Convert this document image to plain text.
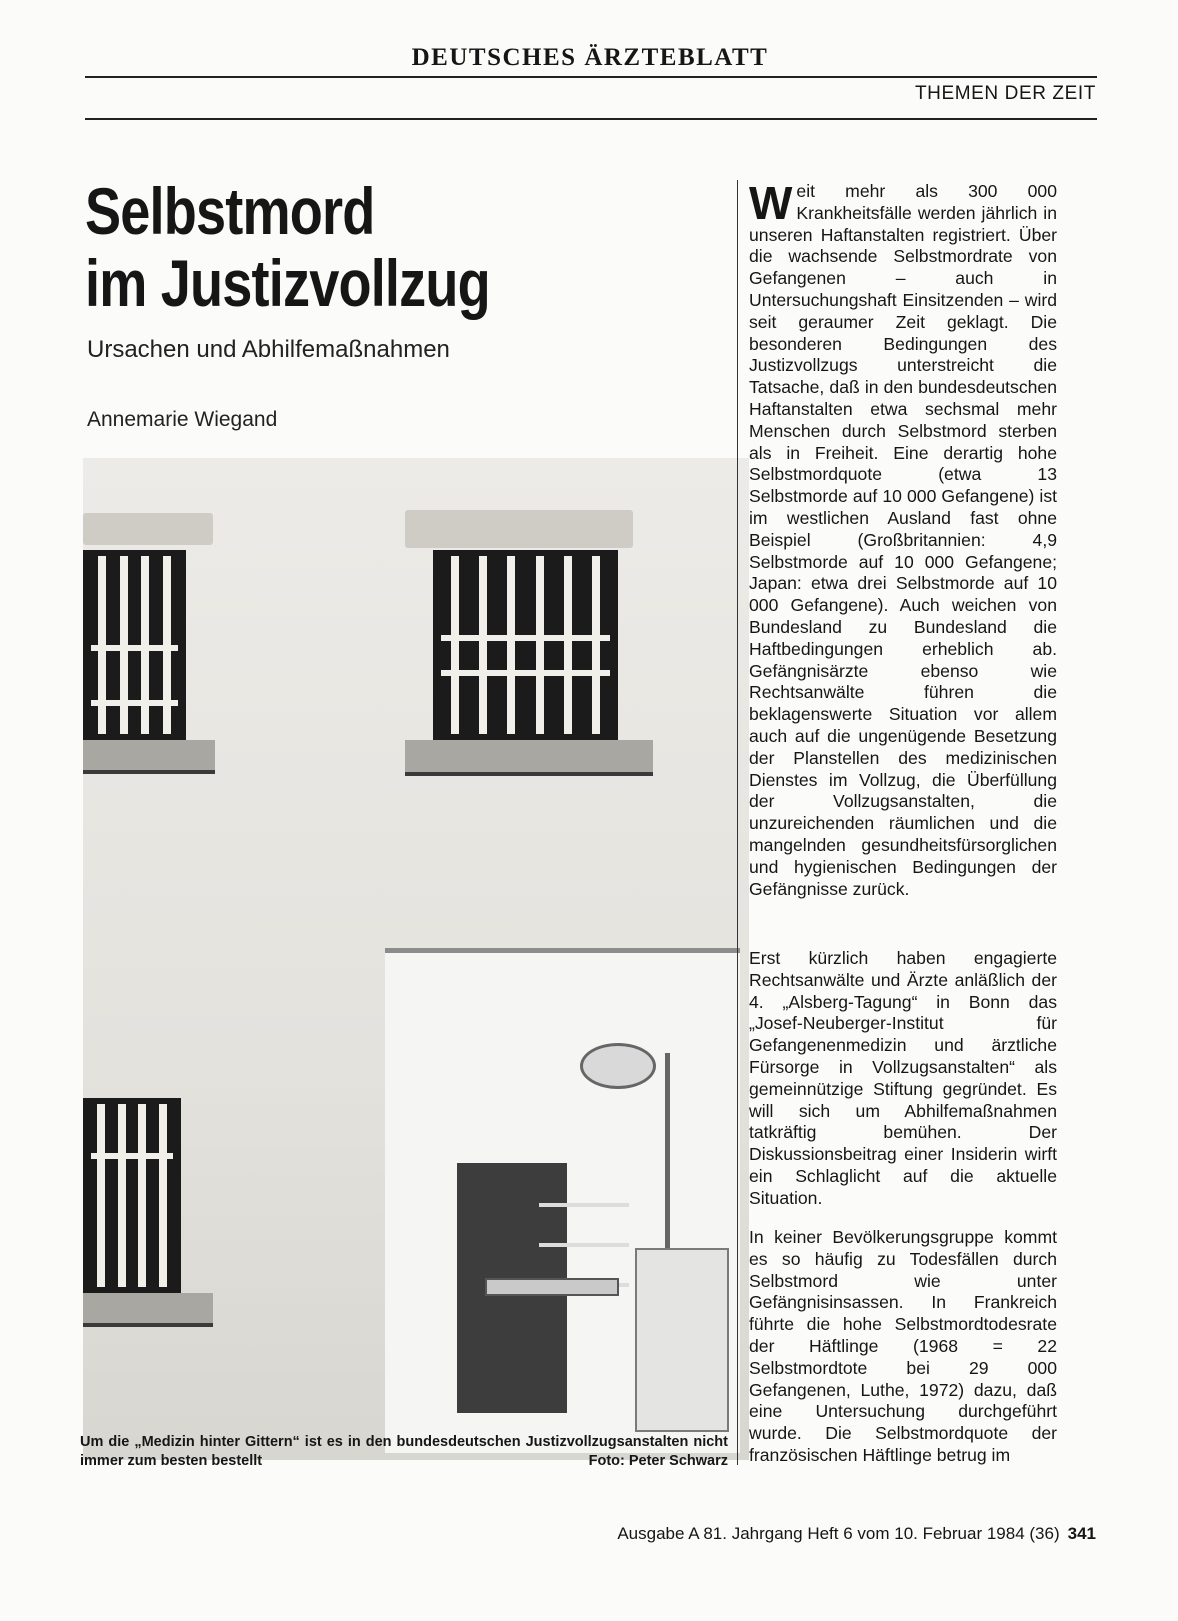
DEUTSCHES ÄRZTEBLATT
THEMEN DER ZEIT
Selbstmord
im Justizvollzug
Ursachen und Abhilfemaßnahmen
Annemarie Wiegand
Um die „Medizin hinter Gittern“ ist es in den bundesdeutschen Justizvollzugsanstalten nicht immer zum besten bestellt	Foto: Peter Schwarz

Weit mehr als 300 000 Krankheitsfälle werden jährlich in unseren Haftanstalten registriert. Über die wachsende Selbstmordrate von Gefangenen – auch in Untersuchungshaft Einsitzenden – wird seit geraumer Zeit geklagt. Die besonderen Bedingungen des Justizvollzugs unterstreicht die Tatsache, daß in den bundesdeutschen Haftanstalten etwa sechsmal mehr Menschen durch Selbstmord sterben als in Freiheit. Eine derartig hohe Selbstmordquote (etwa 13 Selbstmorde auf 10 000 Gefangene) ist im westlichen Ausland fast ohne Beispiel (Großbritannien: 4,9 Selbstmorde auf 10 000 Gefangene; Japan: etwa drei Selbstmorde auf 10 000 Gefangene). Auch weichen von Bundesland zu Bundesland die Haftbedingungen erheblich ab. Gefängnisärzte ebenso wie Rechtsanwälte führen die beklagenswerte Situation vor allem auch auf die ungenügende Besetzung der Planstellen des medizinischen Dienstes im Vollzug, die Überfüllung der Vollzugsanstalten, die unzureichenden räumlichen und die mangelnden gesundheitsfürsorglichen und hygienischen Bedingungen der Gefängnisse zurück.

Erst kürzlich haben engagierte Rechtsanwälte und Ärzte anläßlich der 4. „Alsberg-Tagung“ in Bonn das „Josef-Neuberger-Institut für Gefangenenmedizin und ärztliche Fürsorge in Vollzugsanstalten“ als gemeinnützige Stiftung gegründet. Es will sich um Abhilfemaßnahmen tatkräftig bemühen. Der Diskussionsbeitrag einer Insiderin wirft ein Schlaglicht auf die aktuelle Situation.

In keiner Bevölkerungsgruppe kommt es so häufig zu Todesfällen durch Selbstmord wie unter Gefängnisinsassen. In Frankreich führte die hohe Selbstmordtodesrate der Häftlinge (1968 = 22 Selbstmordtote bei 29 000 Gefangenen, Luthe, 1972) dazu, daß eine Untersuchung durchgeführt wurde. Die Selbstmordquote der französischen Häftlinge betrug im

Ausgabe A 81. Jahrgang Heft 6 vom 10. Februar 1984 (36) 341
